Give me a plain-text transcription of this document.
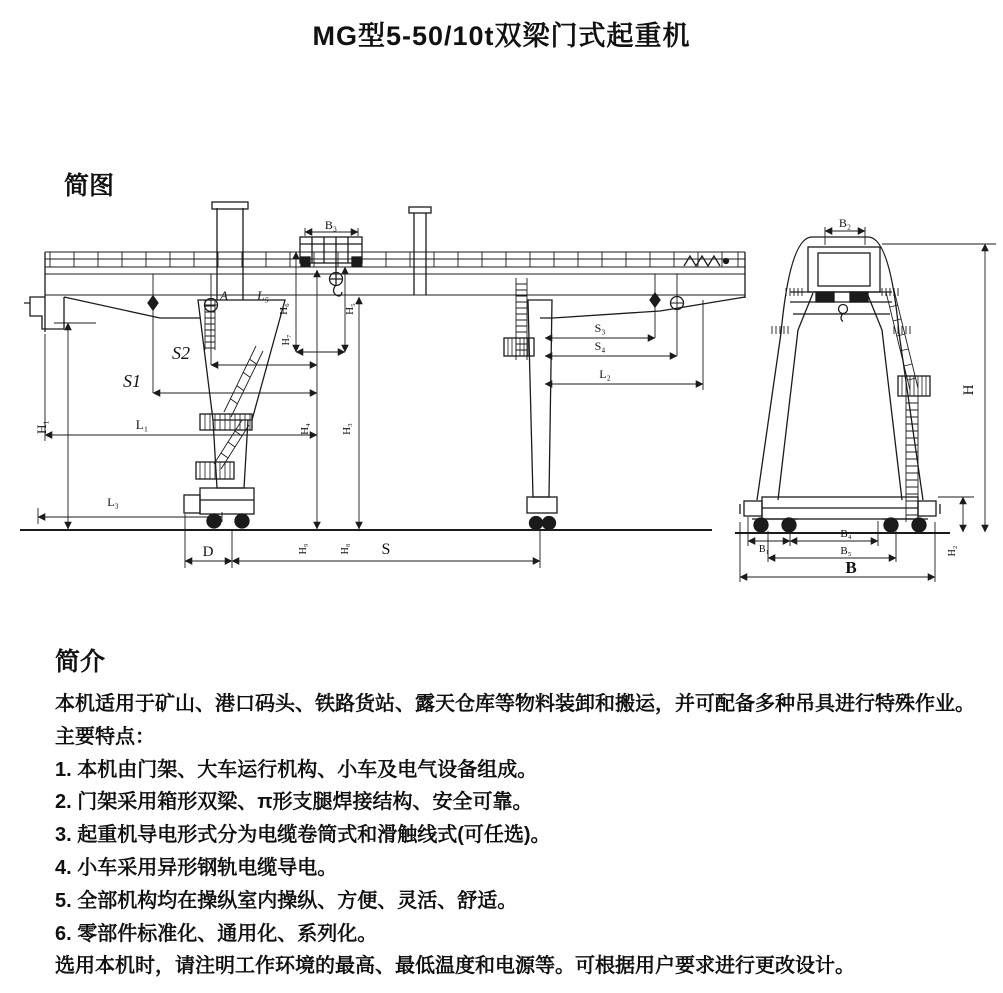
MG型5-50/10t双梁门式起重机
简图
B₃
A L₅
H₆	H₅
H₇
S2
S1
L₁
L₃
H₁	H₄	H₃
H₉	H₈
D	S
S₃
S₄
L₂
B₂
H
B₄
B₁	B₅
B
H₂
简介
本机适用于矿山、港口码头、铁路货站、露天仓库等物料装卸和搬运，并可配备多种吊具进行特殊作业。
主要特点：
1. 本机由门架、大车运行机构、小车及电气设备组成。
2. 门架采用箱形双梁、π形支腿焊接结构、安全可靠。
3. 起重机导电形式分为电缆卷筒式和滑触线式(可任选)。
4. 小车采用异形钢轨电缆导电。
5. 全部机构均在操纵室内操纵、方便、灵活、舒适。
6. 零部件标准化、通用化、系列化。
选用本机时，请注明工作环境的最高、最低温度和电源等。可根据用户要求进行更改设计。
